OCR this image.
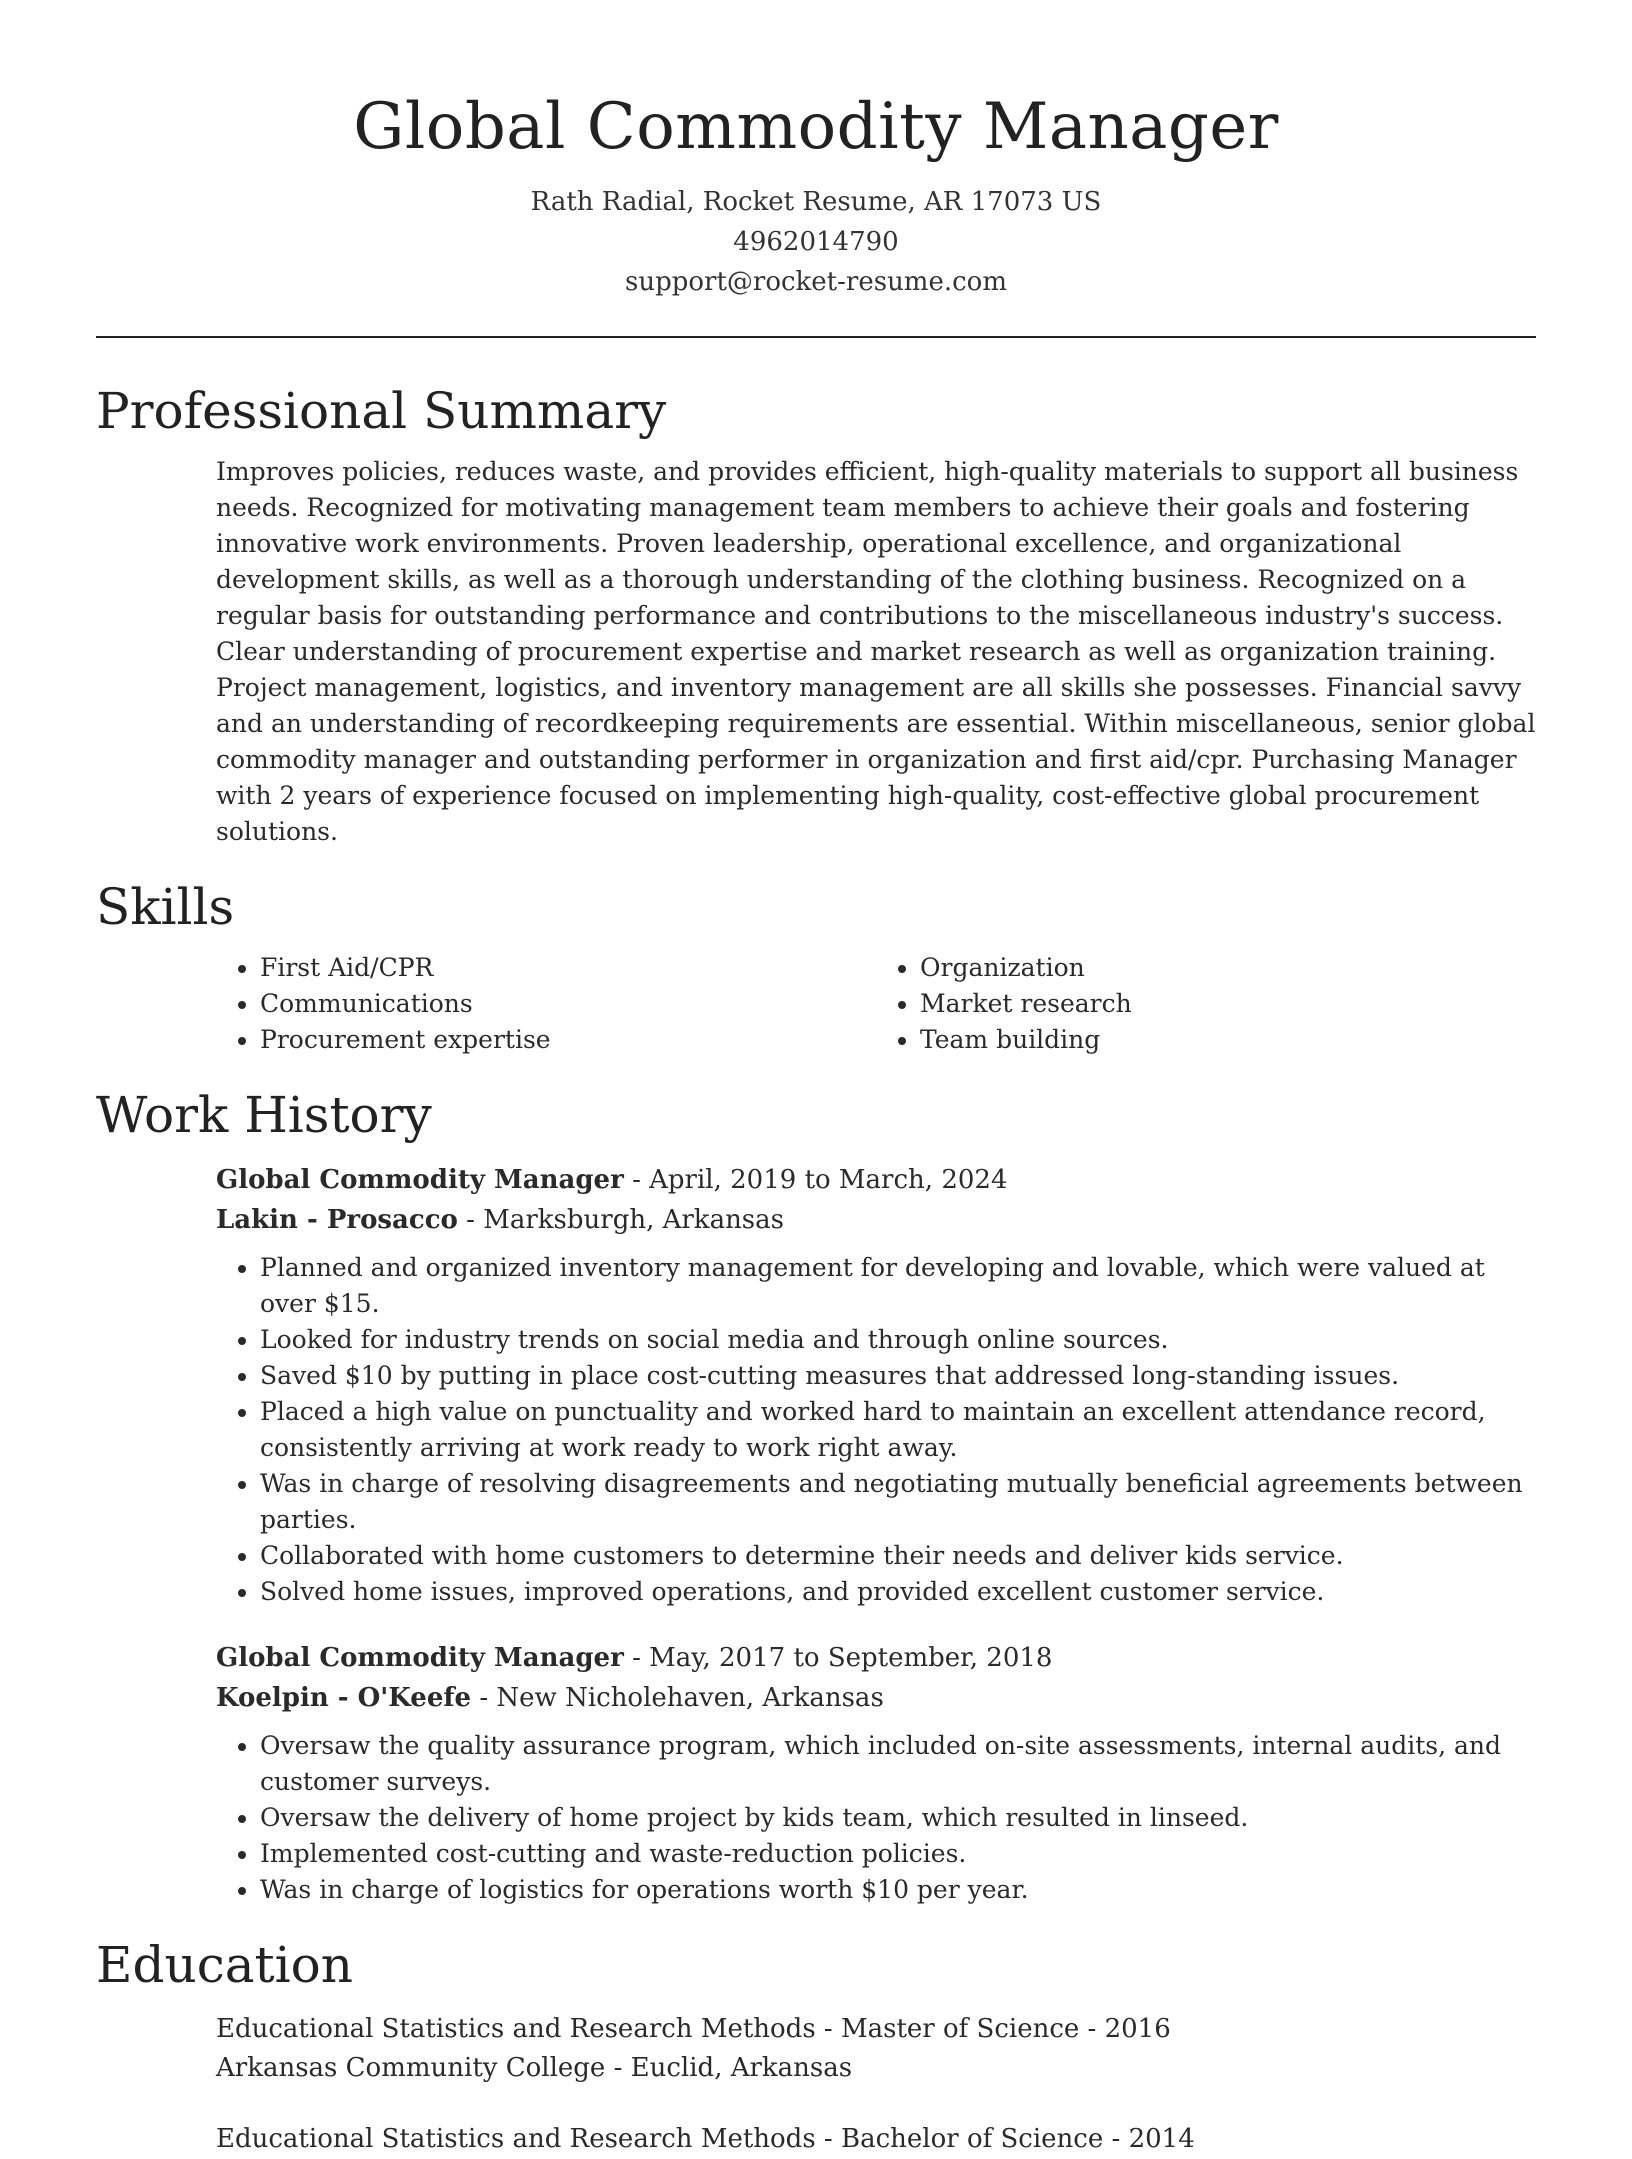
Global Commodity Manager
Rath Radial, Rocket Resume, AR 17073 US
4962014790
support@rocket-resume.com
Professional Summary

Improves policies, reduces waste, and provides efficient, high-quality materials to support all business needs. Recognized for motivating management team members to achieve their goals and fostering innovative work environments. Proven leadership, operational excellence, and organizational development skills, as well as a thorough understanding of the clothing business. Recognized on a regular basis for outstanding performance and contributions to the miscellaneous industry's success. Clear understanding of procurement expertise and market research as well as organization training. Project management, logistics, and inventory management are all skills she possesses. Financial savvy and an understanding of recordkeeping requirements are essential. Within miscellaneous, senior global commodity manager and outstanding performer in organization and first aid/cpr. Purchasing Manager with 2 years of experience focused on implementing high-quality, cost-effective global procurement solutions.

Skills
• First Aid/CPR
• Communications
• Procurement expertise
• Organization
• Market research
• Team building
Work History
Global Commodity Manager - April, 2019 to March, 2024
Lakin - Prosacco - Marksburgh, Arkansas
• Planned and organized inventory management for developing and lovable, which were valued at over $15.
• Looked for industry trends on social media and through online sources.
• Saved $10 by putting in place cost-cutting measures that addressed long-standing issues.
• Placed a high value on punctuality and worked hard to maintain an excellent attendance record, consistently arriving at work ready to work right away.
• Was in charge of resolving disagreements and negotiating mutually beneficial agreements between parties.
• Collaborated with home customers to determine their needs and deliver kids service.
• Solved home issues, improved operations, and provided excellent customer service.
Global Commodity Manager - May, 2017 to September, 2018
Koelpin - O'Keefe - New Nicholehaven, Arkansas
• Oversaw the quality assurance program, which included on-site assessments, internal audits, and customer surveys.
• Oversaw the delivery of home project by kids team, which resulted in linseed.
• Implemented cost-cutting and waste-reduction policies.
• Was in charge of logistics for operations worth $10 per year.
Education
Educational Statistics and Research Methods - Master of Science - 2016
Arkansas Community College - Euclid, Arkansas
Educational Statistics and Research Methods - Bachelor of Science - 2014
